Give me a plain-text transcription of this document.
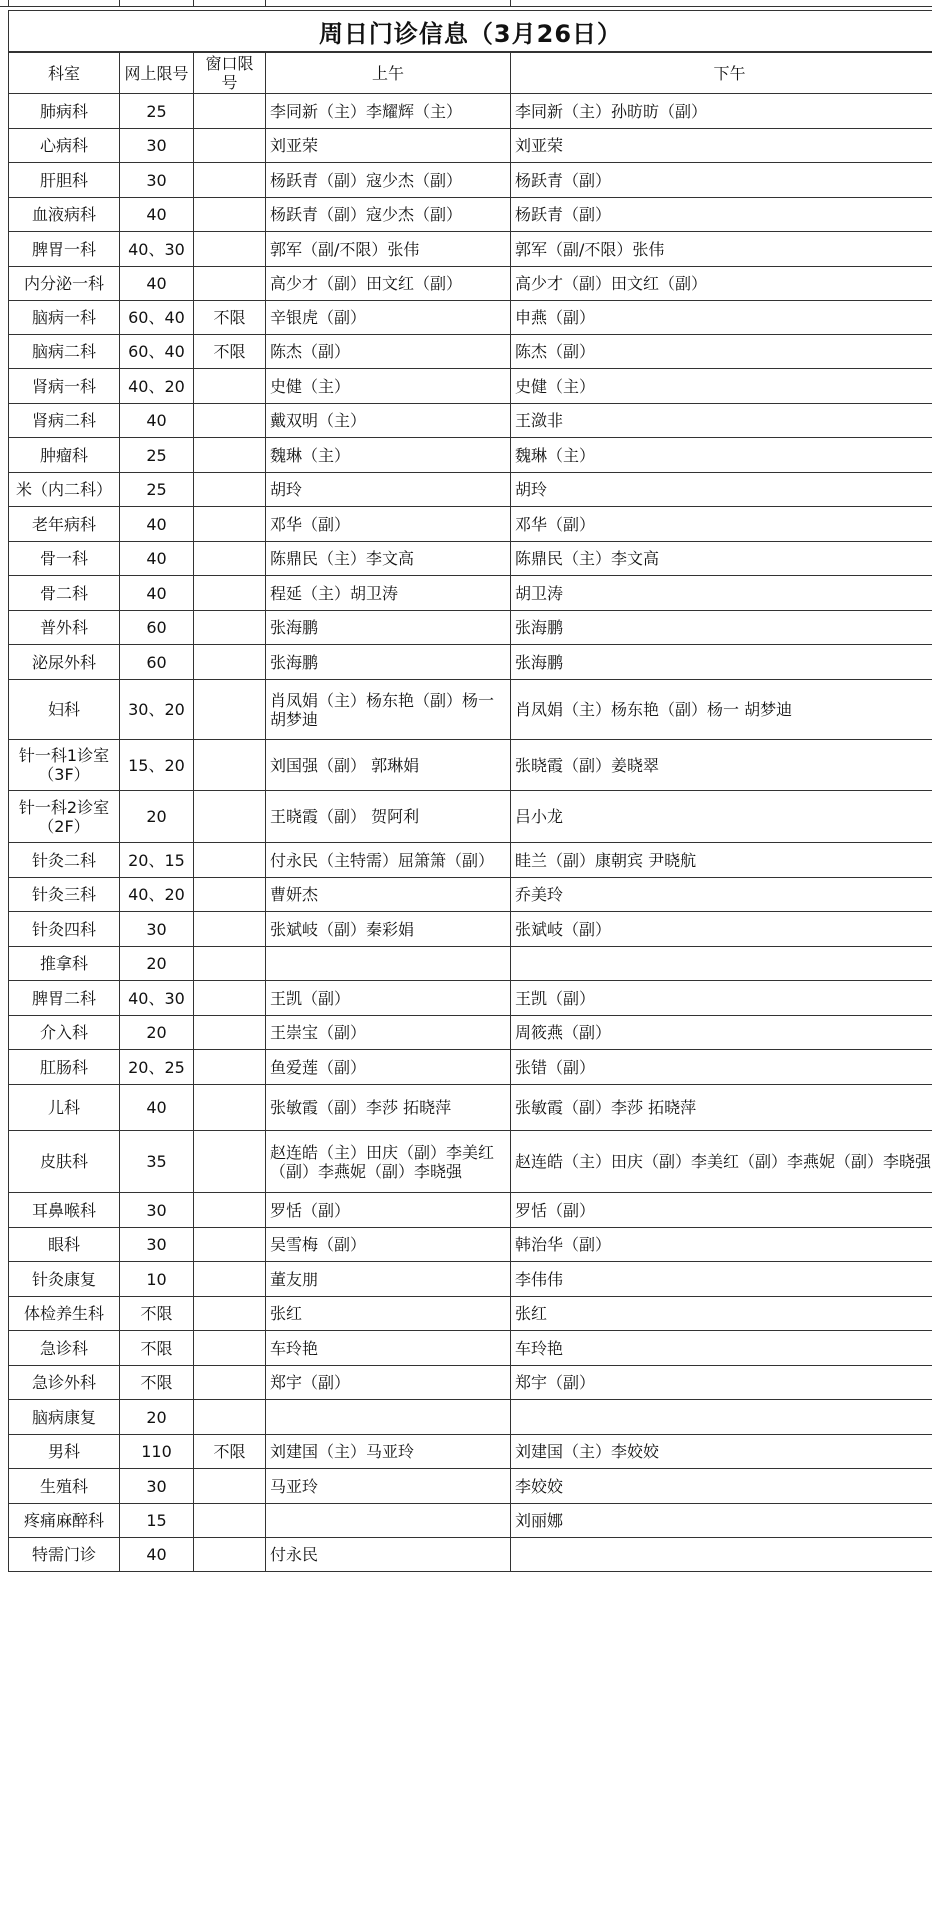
周日门诊信息（3月26日）
科室	网上限号	窗口限号	上午	下午
肺病科	25		李同新（主）李耀辉（主）	李同新（主）孙昉昉（副）
心病科	30		刘亚荣	刘亚荣
肝胆科	30		杨跃青（副）寇少杰（副）	杨跃青（副）
血液病科	40		杨跃青（副）寇少杰（副）	杨跃青（副）
脾胃一科	40、30		郭军（副/不限）张伟	郭军（副/不限）张伟
内分泌一科	40		高少才（副）田文红（副）	高少才（副）田文红（副）
脑病一科	60、40	不限	辛银虎（副）	申燕（副）
脑病二科	60、40	不限	陈杰（副）	陈杰（副）
肾病一科	40、20		史健（主）	史健（主）
肾病二科	40		戴双明（主）	王潋非
肿瘤科	25		魏琳（主）	魏琳（主）
米（内二科）	25		胡玲	胡玲
老年病科	40		邓华（副）	邓华（副）
骨一科	40		陈鼎民（主）李文高	陈鼎民（主）李文高
骨二科	40		程延（主）胡卫涛	胡卫涛
普外科	60		张海鹏	张海鹏
泌尿外科	60		张海鹏	张海鹏
妇科	30、20		肖凤娟（主）杨东艳（副）杨一 胡梦迪	肖凤娟（主）杨东艳（副）杨一 胡梦迪
针一科1诊室（3F）	15、20		刘国强（副） 郭琳娟	张晓霞（副）姜晓翠
针一科2诊室（2F）	20		王晓霞（副） 贺阿利	吕小龙
针灸二科	20、15		付永民（主特需）屈箫箫（副）	眭兰（副）康朝宾 尹晓航
针灸三科	40、20		曹妍杰	乔美玲
针灸四科	30		张斌岐（副）秦彩娟	张斌岐（副）
推拿科	20			
脾胃二科	40、30		王凯（副）	王凯（副）
介入科	20		王崇宝（副）	周筱燕（副）
肛肠科	20、25		鱼爱莲（副）	张错（副）
儿科	40		张敏霞（副）李莎 拓晓萍	张敏霞（副）李莎 拓晓萍
皮肤科	35		赵连皓（主）田庆（副）李美红（副）李燕妮（副）李晓强	赵连皓（主）田庆（副）李美红（副）李燕妮（副）李晓强
耳鼻喉科	30		罗恬（副）	罗恬（副）
眼科	30		吴雪梅（副）	韩治华（副）
针灸康复	10		董友朋	李伟伟
体检养生科	不限		张红	张红
急诊科	不限		车玲艳	车玲艳
急诊外科	不限		郑宇（副）	郑宇（副）
脑病康复	20			
男科	110	不限	刘建国（主）马亚玲	刘建国（主）李姣姣
生殖科	30		马亚玲	李姣姣
疼痛麻醉科	15			刘丽娜
特需门诊	40		付永民	
